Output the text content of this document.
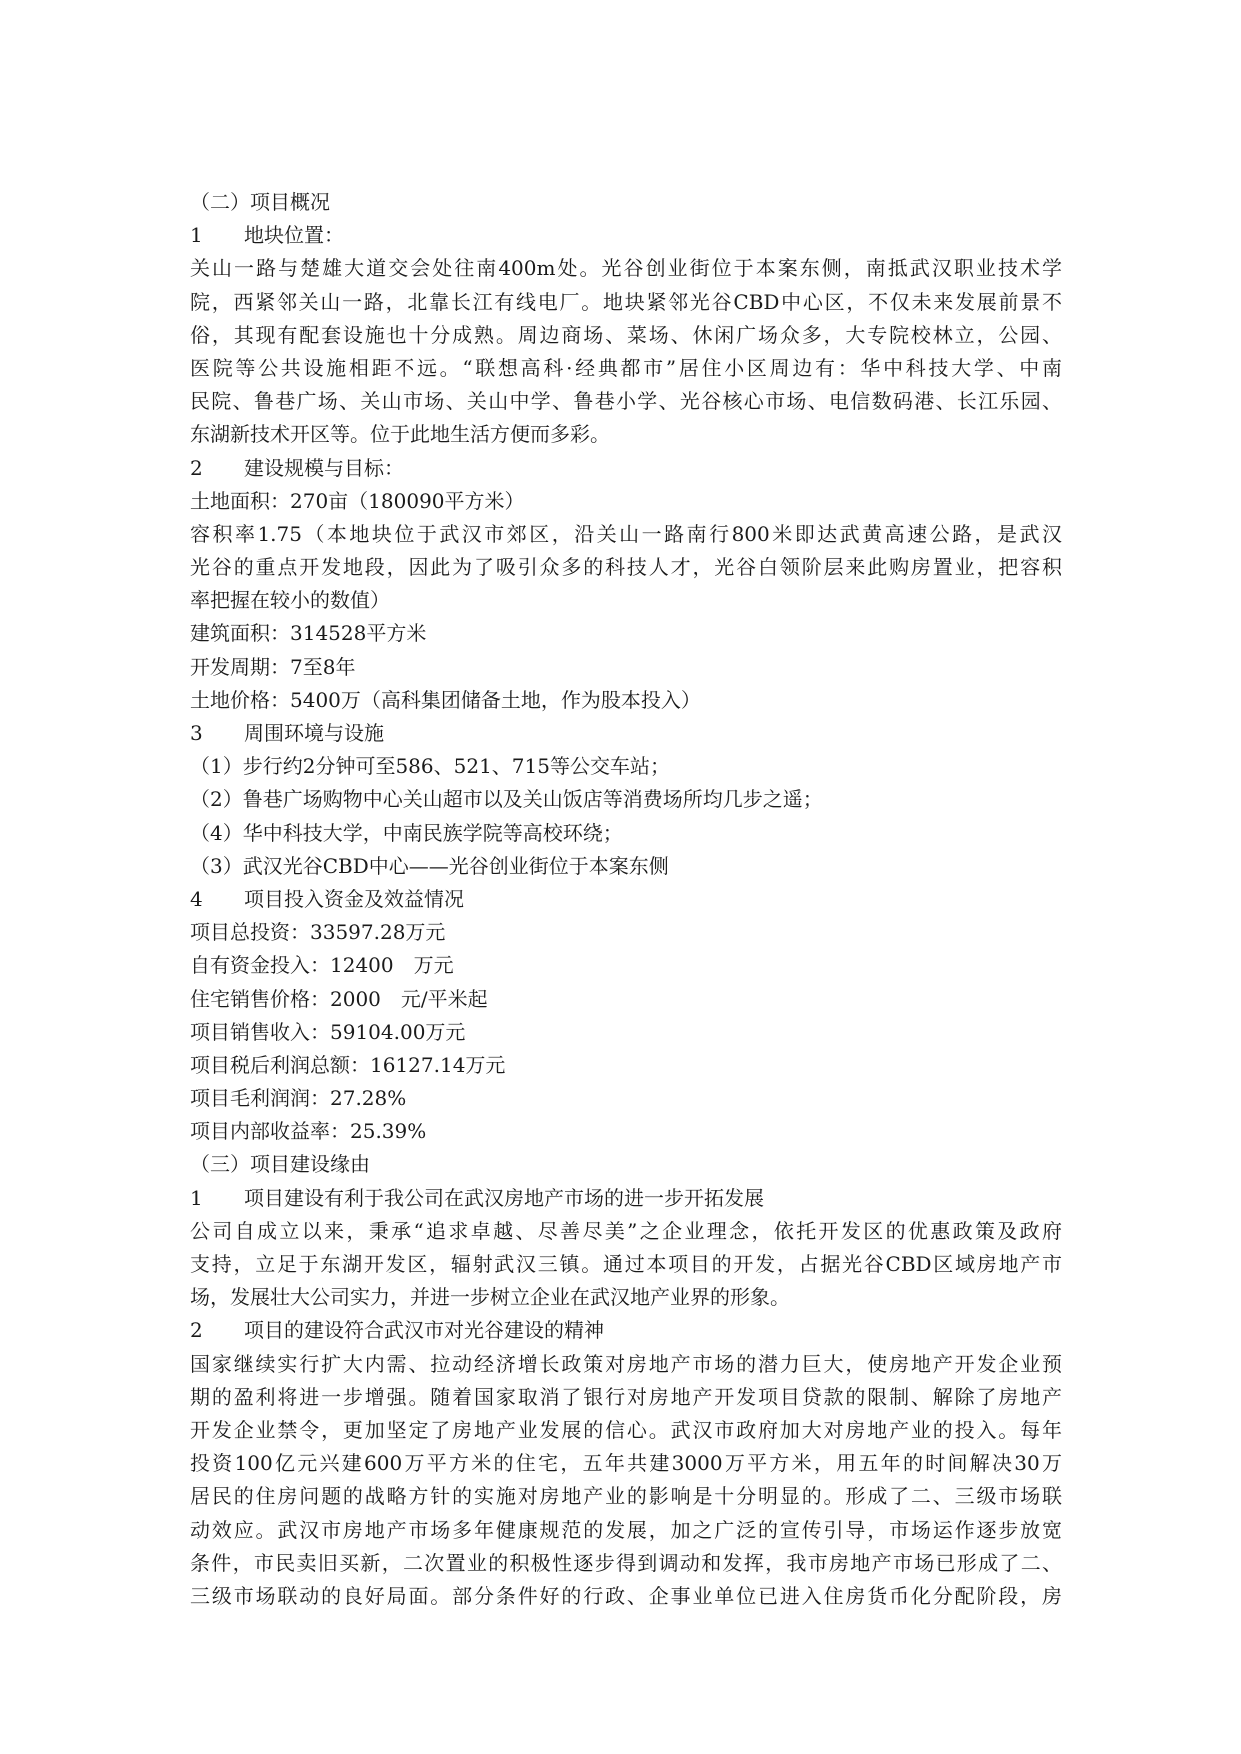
（二）项目概况
1 地块位置：
关山一路与楚雄大道交会处往南400m处。光谷创业街位于本案东侧，南抵武汉职业技术学
院，西紧邻关山一路，北靠长江有线电厂。地块紧邻光谷CBD中心区，不仅未来发展前景不
俗，其现有配套设施也十分成熟。周边商场、菜场、休闲广场众多，大专院校林立，公园、
医院等公共设施相距不远。“联想高科·经典都市”居住小区周边有：华中科技大学、中南
民院、鲁巷广场、关山市场、关山中学、鲁巷小学、光谷核心市场、电信数码港、长江乐园、
东湖新技术开区等。位于此地生活方便而多彩。
2 建设规模与目标：
土地面积：270亩（180090平方米）
容积率1.75（本地块位于武汉市郊区，沿关山一路南行800米即达武黄高速公路，是武汉
光谷的重点开发地段，因此为了吸引众多的科技人才，光谷白领阶层来此购房置业，把容积
率把握在较小的数值）
建筑面积：314528平方米
开发周期：7至8年
土地价格：5400万（高科集团储备土地，作为股本投入）
3 周围环境与设施
（1）步行约2分钟可至586、521、715等公交车站；
（2）鲁巷广场购物中心关山超市以及关山饭店等消费场所均几步之遥；
（4）华中科技大学，中南民族学院等高校环绕；
（3）武汉光谷CBD中心——光谷创业街位于本案东侧
4 项目投入资金及效益情况
项目总投资：33597.28万元
自有资金投入：12400　万元
住宅销售价格：2000　元/平米起
项目销售收入：59104.00万元
项目税后利润总额：16127.14万元
项目毛利润润：27.28%
项目内部收益率：25.39%
（三）项目建设缘由
1 项目建设有利于我公司在武汉房地产市场的进一步开拓发展
公司自成立以来，秉承“追求卓越、尽善尽美”之企业理念，依托开发区的优惠政策及政府
支持，立足于东湖开发区，辐射武汉三镇。通过本项目的开发，占据光谷CBD区域房地产市
场，发展壮大公司实力，并进一步树立企业在武汉地产业界的形象。
2 项目的建设符合武汉市对光谷建设的精神
国家继续实行扩大内需、拉动经济增长政策对房地产市场的潜力巨大，使房地产开发企业预
期的盈利将进一步增强。随着国家取消了银行对房地产开发项目贷款的限制、解除了房地产
开发企业禁令，更加坚定了房地产业发展的信心。武汉市政府加大对房地产业的投入。每年
投资100亿元兴建600万平方米的住宅，五年共建3000万平方米，用五年的时间解决30万
居民的住房问题的战略方针的实施对房地产业的影响是十分明显的。形成了二、三级市场联
动效应。武汉市房地产市场多年健康规范的发展，加之广泛的宣传引导，市场运作逐步放宽
条件，市民卖旧买新，二次置业的积极性逐步得到调动和发挥，我市房地产市场已形成了二、
三级市场联动的良好局面。部分条件好的行政、企事业单位已进入住房货币化分配阶段，房
